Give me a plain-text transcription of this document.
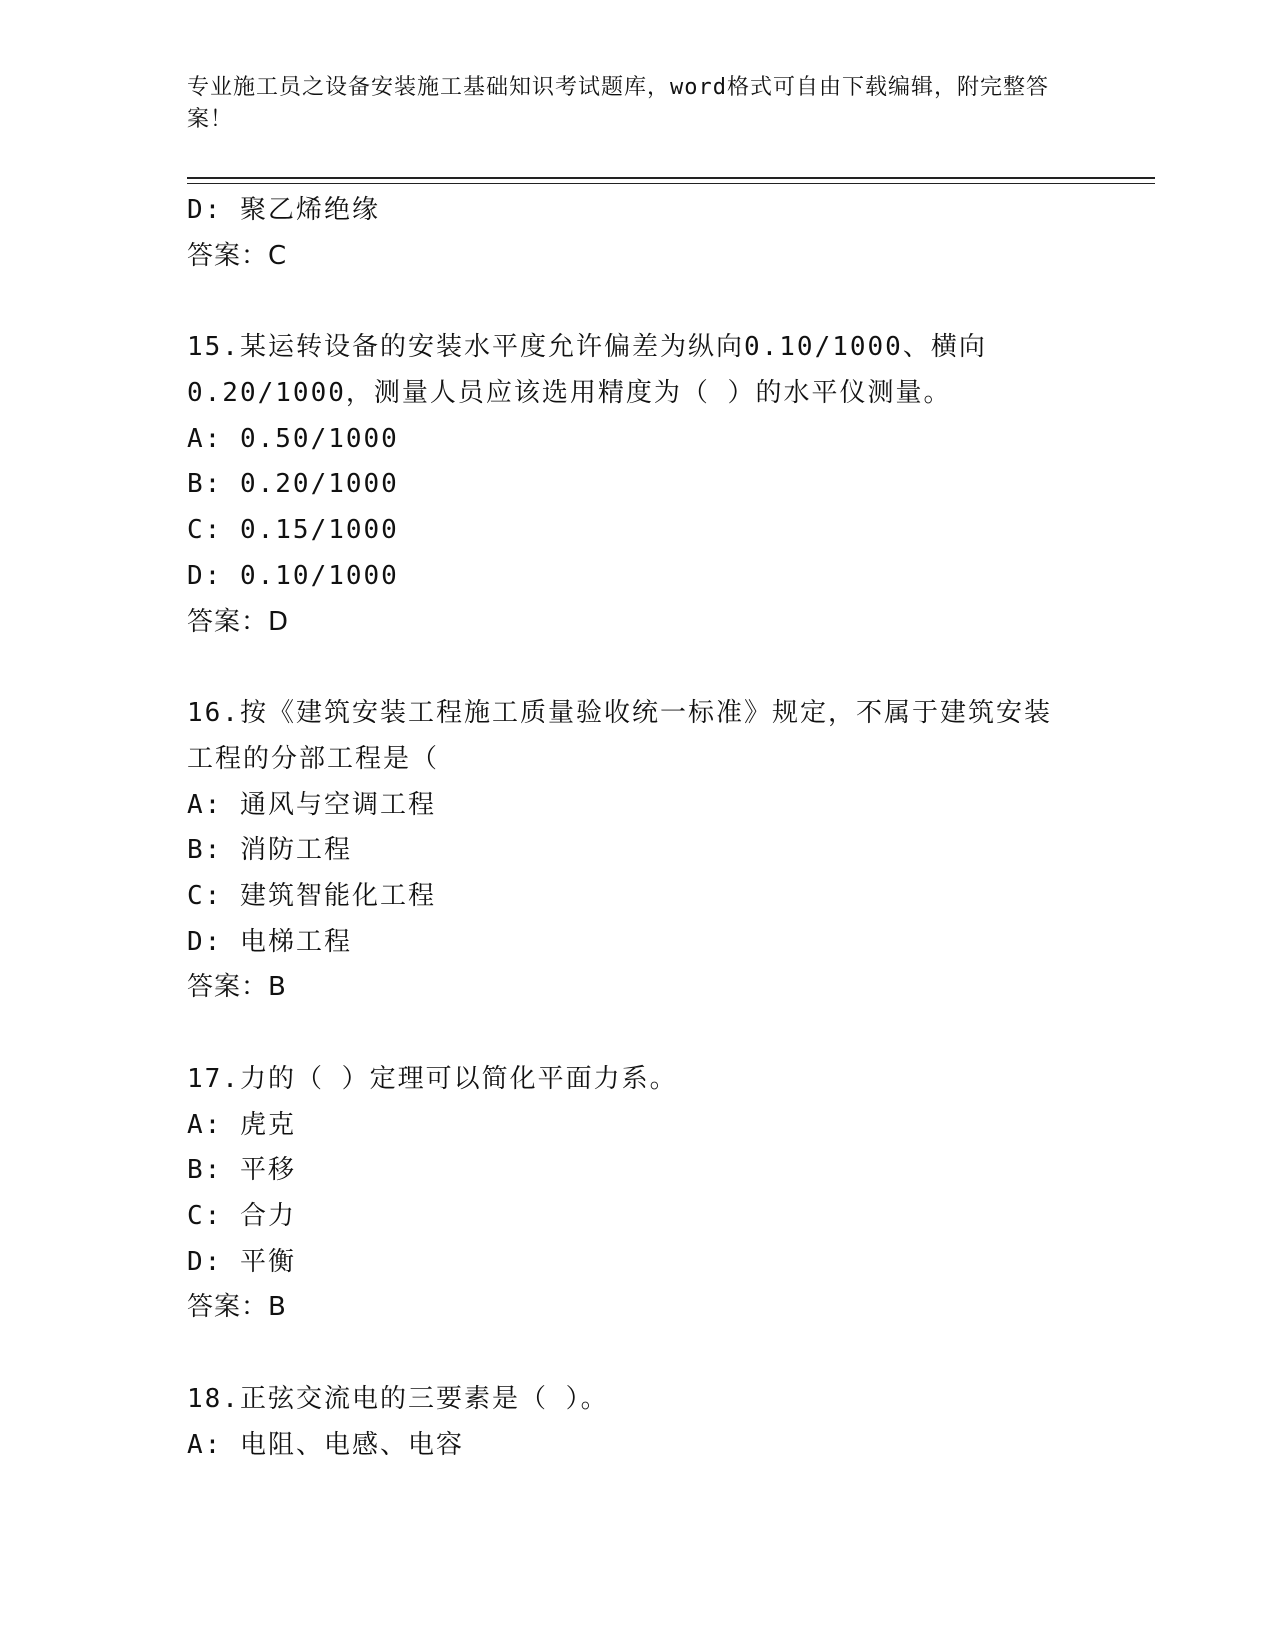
专业施工员之设备安装施工基础知识考试题库，word格式可自由下载编辑，附完整答案！
D: 聚乙烯绝缘
答案：C
15.某运转设备的安装水平度允许偏差为纵向0.10/1000、横向
0.20/1000，测量人员应该选用精度为（ ）的水平仪测量。
A: 0.50/1000
B: 0.20/1000
C: 0.15/1000
D: 0.10/1000
答案：D
16.按《建筑安装工程施工质量验收统一标准》规定，不属于建筑安装
工程的分部工程是（
A: 通风与空调工程
B: 消防工程
C: 建筑智能化工程
D: 电梯工程
答案：B
17.力的（ ）定理可以简化平面力系。
A: 虎克
B: 平移
C: 合力
D: 平衡
答案：B
18.正弦交流电的三要素是（ ）。
A: 电阻、电感、电容
